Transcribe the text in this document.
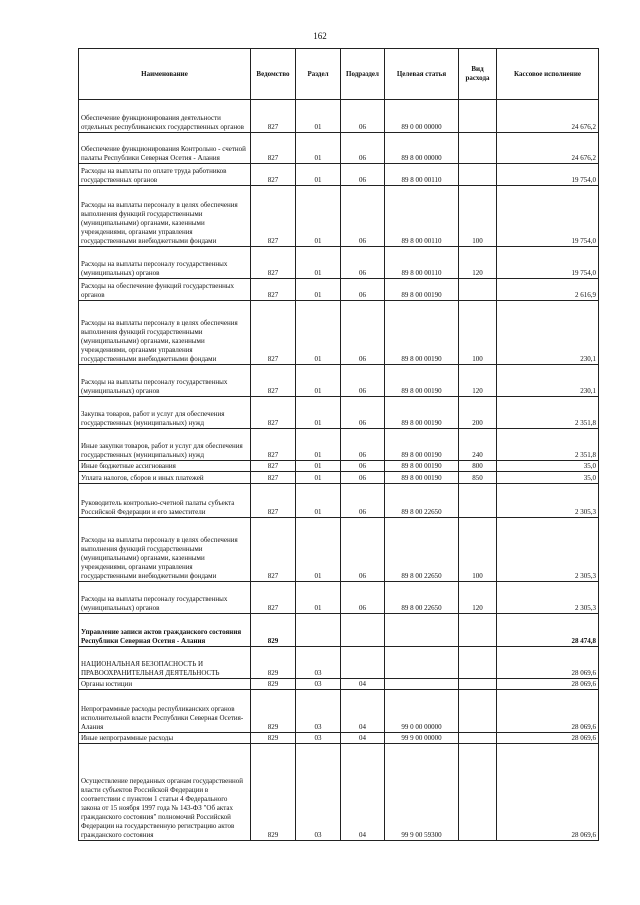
162
Наименование	Ведомство	Раздел	Подраздел	Целевая статья	Вид расхода	Кассовое исполнение
Обеспечение функционирования деятельности отдельных республиканских государственных органов	827	01	06	89 0 00 00000		24 676,2
Обеспечение функционирования Контрольно - счетной палаты Республики Северная Осетия - Алания	827	01	06	89 8 00 00000		24 676,2
Расходы на выплаты по оплате труда работников государственных органов	827	01	06	89 8 00 00110		19 754,0
Расходы на выплаты персоналу в целях обеспечения выполнения функций государственными (муниципальными) органами, казенными учреждениями, органами управления государственными внебюджетными фондами	827	01	06	89 8 00 00110	100	19 754,0
Расходы на выплаты персоналу государственных (муниципальных) органов	827	01	06	89 8 00 00110	120	19 754,0
Расходы на обеспечение функций государственных органов	827	01	06	89 8 00 00190		2 616,9
Расходы на выплаты персоналу в целях обеспечения выполнения функций государственными (муниципальными) органами, казенными учреждениями, органами управления государственными внебюджетными фондами	827	01	06	89 8 00 00190	100	230,1
Расходы на выплаты персоналу государственных (муниципальных) органов	827	01	06	89 8 00 00190	120	230,1
Закупка товаров, работ и услуг для обеспечения государственных (муниципальных) нужд	827	01	06	89 8 00 00190	200	2 351,8
Иные закупки товаров, работ и услуг для обеспечения государственных (муниципальных) нужд	827	01	06	89 8 00 00190	240	2 351,8
Иные бюджетные ассигнования	827	01	06	89 8 00 00190	800	35,0
Уплата налогов, сборов и иных платежей	827	01	06	89 8 00 00190	850	35,0
Руководитель контрольно-счетной палаты субъекта Российской Федерации и его заместители	827	01	06	89 8 00 22650		2 305,3
Расходы на выплаты персоналу в целях обеспечения выполнения функций государственными (муниципальными) органами, казенными учреждениями, органами управления государственными внебюджетными фондами	827	01	06	89 8 00 22650	100	2 305,3
Расходы на выплаты персоналу государственных (муниципальных) органов	827	01	06	89 8 00 22650	120	2 305,3
Управление записи актов гражданского состояния Республики Северная Осетия - Алания	829					28 474,8
НАЦИОНАЛЬНАЯ БЕЗОПАСНОСТЬ И ПРАВООХРАНИТЕЛЬНАЯ ДЕЯТЕЛЬНОСТЬ	829	03				28 069,6
Органы юстиции	829	03	04			28 069,6
Непрограммные расходы республиканских органов исполнительной власти Республики Северная Осетия-Алания	829	03	04	99 0 00 00000		28 069,6
Иные непрограммные расходы	829	03	04	99 9 00 00000		28 069,6
Осуществление переданных органам государственной власти субъектов Российской Федерации в соответствии с пунктом 1 статьи 4 Федерального закона от 15 ноября 1997 года № 143-ФЗ "Об актах гражданского состояния" полномочий Российской Федерации на государственную регистрацию актов гражданского состояния	829	03	04	99 9 00 59300		28 069,6
